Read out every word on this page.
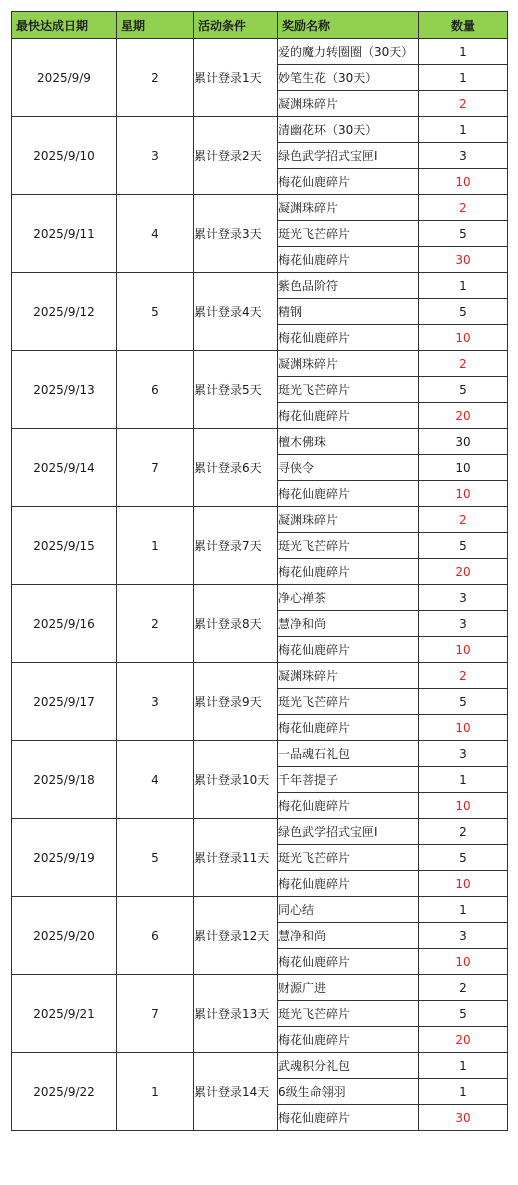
最快达成日期	星期	活动条件	奖励名称	数量
2025/9/9	2	累计登录1天	爱的魔力转圈圈（30天）	1
			妙笔生花（30天）	1
			凝渊珠碎片	2
2025/9/10	3	累计登录2天	清幽花环（30天）	1
			绿色武学招式宝匣I	3
			梅花仙鹿碎片	10
2025/9/11	4	累计登录3天	凝渊珠碎片	2
			珽光飞芒碎片	5
			梅花仙鹿碎片	30
2025/9/12	5	累计登录4天	紫色品阶符	1
			精钢	5
			梅花仙鹿碎片	10
2025/9/13	6	累计登录5天	凝渊珠碎片	2
			珽光飞芒碎片	5
			梅花仙鹿碎片	20
2025/9/14	7	累计登录6天	檀木佛珠	30
			寻侠令	10
			梅花仙鹿碎片	10
2025/9/15	1	累计登录7天	凝渊珠碎片	2
			珽光飞芒碎片	5
			梅花仙鹿碎片	20
2025/9/16	2	累计登录8天	净心禅茶	3
			慧净和尚	3
			梅花仙鹿碎片	10
2025/9/17	3	累计登录9天	凝渊珠碎片	2
			珽光飞芒碎片	5
			梅花仙鹿碎片	10
2025/9/18	4	累计登录10天	一品魂石礼包	3
			千年菩提子	1
			梅花仙鹿碎片	10
2025/9/19	5	累计登录11天	绿色武学招式宝匣I	2
			珽光飞芒碎片	5
			梅花仙鹿碎片	10
2025/9/20	6	累计登录12天	同心结	1
			慧净和尚	3
			梅花仙鹿碎片	10
2025/9/21	7	累计登录13天	财源广进	2
			珽光飞芒碎片	5
			梅花仙鹿碎片	20
2025/9/22	1	累计登录14天	武魂积分礼包	1
			6级生命翎羽	1
			梅花仙鹿碎片	30
